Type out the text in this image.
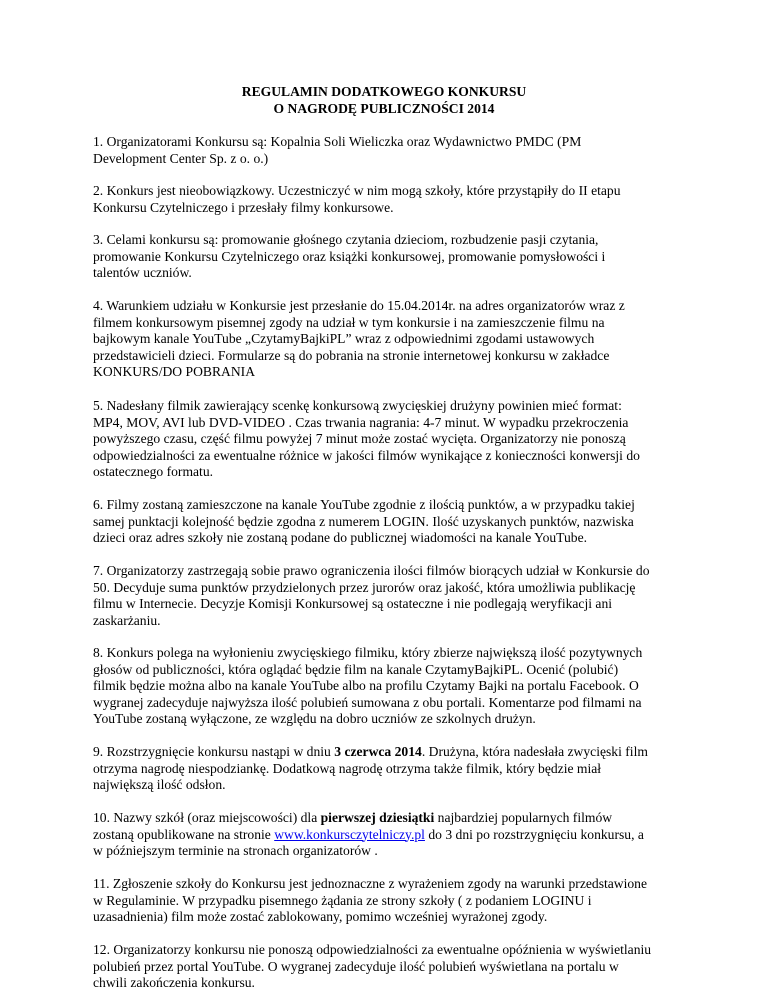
REGULAMIN DODATKOWEGO KONKURSU
O NAGRODĘ PUBLICZNOŚCI 2014
1. Organizatorami Konkursu są: Kopalnia Soli Wieliczka oraz Wydawnictwo PMDC (PM
Development Center Sp. z o. o.)
2. Konkurs jest nieobowiązkowy. Uczestniczyć w nim mogą szkoły, które przystąpiły do II etapu
Konkursu Czytelniczego i przesłały filmy konkursowe.
3. Celami konkursu są: promowanie głośnego czytania dzieciom, rozbudzenie pasji czytania,
promowanie Konkursu Czytelniczego oraz książki konkursowej, promowanie pomysłowości i
talentów uczniów.
4. Warunkiem udziału w Konkursie jest przesłanie do 15.04.2014r. na adres organizatorów wraz z
filmem konkursowym pisemnej zgody na udział w tym konkursie i na zamieszczenie filmu na
bajkowym kanale YouTube „CzytamyBajkiPL” wraz z odpowiednimi zgodami ustawowych
przedstawicieli dzieci. Formularze są do pobrania na stronie internetowej konkursu w zakładce
KONKURS/DO POBRANIA
5. Nadesłany filmik zawierający scenkę konkursową zwycięskiej drużyny powinien mieć format:
MP4, MOV, AVI lub DVD-VIDEO . Czas trwania nagrania: 4-7 minut. W wypadku przekroczenia
powyższego czasu, część filmu powyżej 7 minut może zostać wycięta. Organizatorzy nie ponoszą
odpowiedzialności za ewentualne różnice w jakości filmów wynikające z konieczności konwersji do
ostatecznego formatu.
6. Filmy zostaną zamieszczone na kanale YouTube zgodnie z ilością punktów, a w przypadku takiej
samej punktacji kolejność będzie zgodna z numerem LOGIN. Ilość uzyskanych punktów, nazwiska
dzieci oraz adres szkoły nie zostaną podane do publicznej wiadomości na kanale YouTube.
7. Organizatorzy zastrzegają sobie prawo ograniczenia ilości filmów biorących udział w Konkursie do
50. Decyduje suma punktów przydzielonych przez jurorów oraz jakość, która umożliwia publikację
filmu w Internecie. Decyzje Komisji Konkursowej są ostateczne i nie podlegają weryfikacji ani
zaskarżaniu.
8. Konkurs polega na wyłonieniu zwycięskiego filmiku, który zbierze największą ilość pozytywnych
głosów od publiczności, która oglądać będzie film na kanale CzytamyBajkiPL. Ocenić (polubić)
filmik będzie można albo na kanale YouTube albo na profilu Czytamy Bajki na portalu Facebook. O
wygranej zadecyduje najwyższa ilość polubień sumowana z obu portali. Komentarze pod filmami na
YouTube zostaną wyłączone, ze względu na dobro uczniów ze szkolnych drużyn.
9. Rozstrzygnięcie konkursu nastąpi w dniu 3 czerwca 2014. Drużyna, która nadesłała zwycięski film
otrzyma nagrodę niespodziankę. Dodatkową nagrodę otrzyma także filmik, który będzie miał
największą ilość odsłon.
10. Nazwy szkół (oraz miejscowości) dla pierwszej dziesiątki najbardziej popularnych filmów
zostaną opublikowane na stronie www.konkursczytelniczy.pl do 3 dni po rozstrzygnięciu konkursu, a
w późniejszym terminie na stronach organizatorów .
11. Zgłoszenie szkoły do Konkursu jest jednoznaczne z wyrażeniem zgody na warunki przedstawione
w Regulaminie. W przypadku pisemnego żądania ze strony szkoły ( z podaniem LOGINU i
uzasadnienia) film może zostać zablokowany, pomimo wcześniej wyrażonej zgody.
12. Organizatorzy konkursu nie ponoszą odpowiedzialności za ewentualne opóźnienia w wyświetlaniu
polubień przez portal YouTube. O wygranej zadecyduje ilość polubień wyświetlana na portalu w
chwili zakończenia konkursu.
